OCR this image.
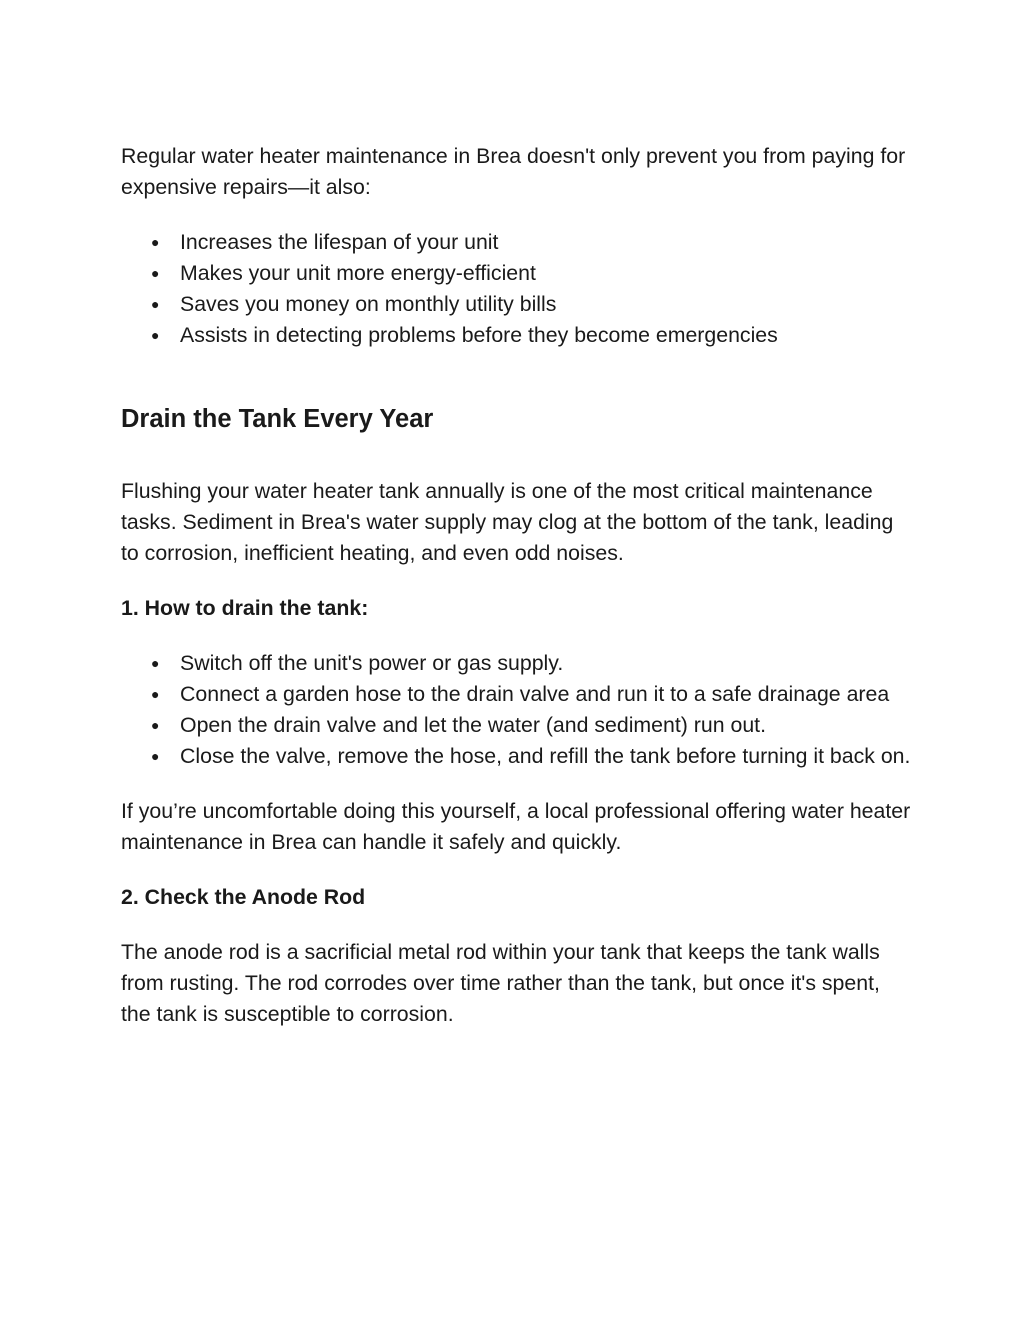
Regular water heater maintenance in Brea doesn't only prevent you from paying for expensive repairs—it also:

● Increases the lifespan of your unit
● Makes your unit more energy-efficient
● Saves you money on monthly utility bills
● Assists in detecting problems before they become emergencies
Drain the Tank Every Year

Flushing your water heater tank annually is one of the most critical maintenance tasks. Sediment in Brea's water supply may clog at the bottom of the tank, leading to corrosion, inefficient heating, and even odd noises.

1. How to drain the tank:
● Switch off the unit's power or gas supply.
● Connect a garden hose to the drain valve and run it to a safe drainage area
● Open the drain valve and let the water (and sediment) run out.
● Close the valve, remove the hose, and refill the tank before turning it back on.

If you’re uncomfortable doing this yourself, a local professional offering water heater maintenance in Brea can handle it safely and quickly.

2. Check the Anode Rod

The anode rod is a sacrificial metal rod within your tank that keeps the tank walls from rusting. The rod corrodes over time rather than the tank, but once it's spent, the tank is susceptible to corrosion.
